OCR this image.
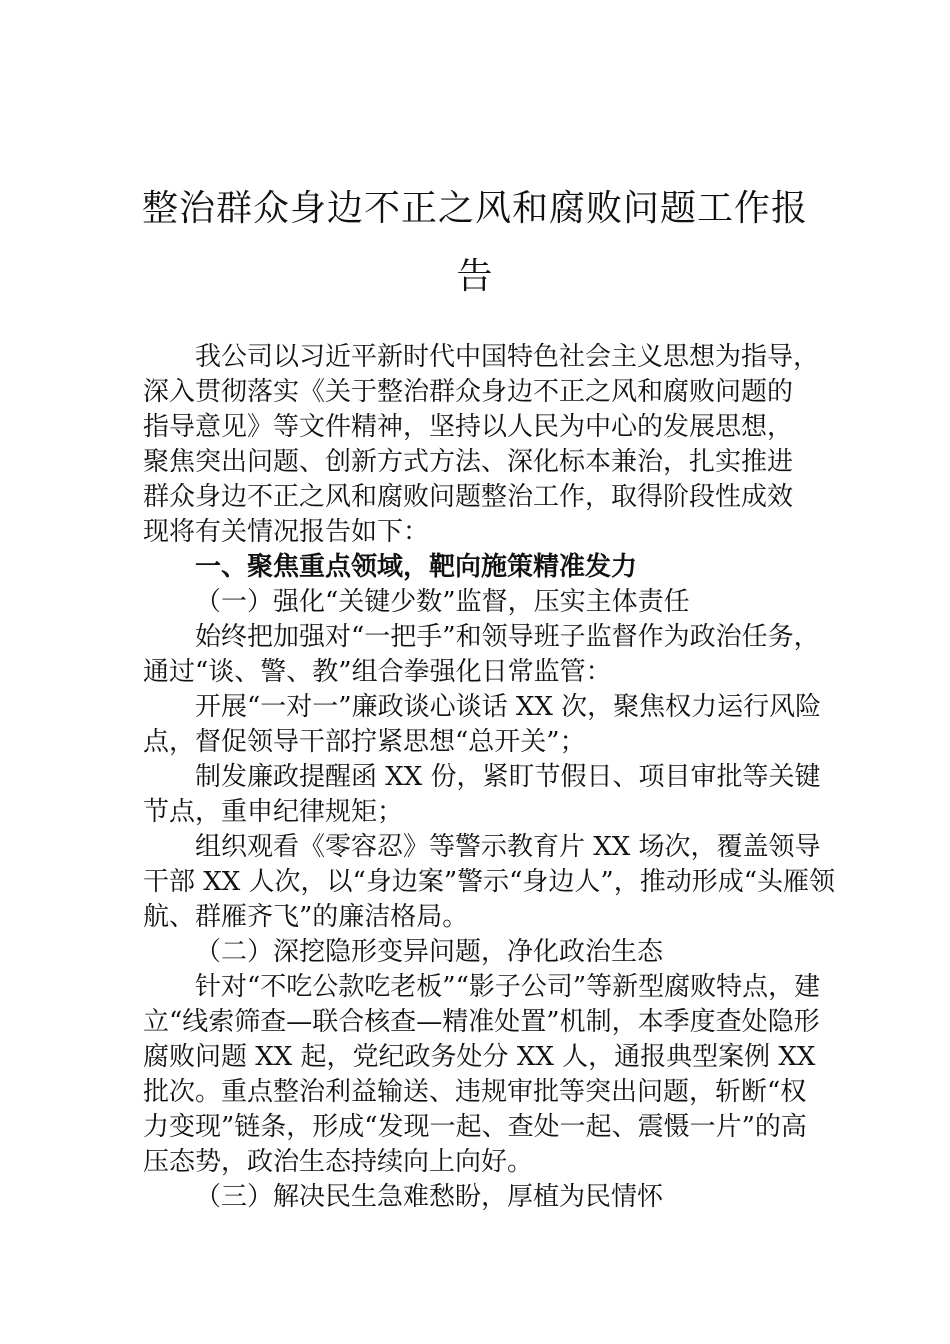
整治群众身边不正之风和腐败问题工作报
告
我公司以习近平新时代中国特色社会主义思想为指导，
深入贯彻落实《关于整治群众身边不正之风和腐败问题的
指导意见》等文件精神，坚持以人民为中心的发展思想，
聚焦突出问题、创新方式方法、深化标本兼治，扎实推进
群众身边不正之风和腐败问题整治工作，取得阶段性成效
现将有关情况报告如下：
一、聚焦重点领域，靶向施策精准发力
（一）强化“关键少数”监督，压实主体责任
始终把加强对“一把手”和领导班子监督作为政治任务，
通过“谈、警、教”组合拳强化日常监管：
开展“一对一”廉政谈心谈话 XX 次，聚焦权力运行风险
点，督促领导干部拧紧思想“总开关”；
制发廉政提醒函 XX 份，紧盯节假日、项目审批等关键
节点，重申纪律规矩；
组织观看《零容忍》等警示教育片 XX 场次，覆盖领导
干部 XX 人次，以“身边案”警示“身边人”，推动形成“头雁领
航、群雁齐飞”的廉洁格局。
（二）深挖隐形变异问题，净化政治生态
针对“不吃公款吃老板”“影子公司”等新型腐败特点，建
立“线索筛查—联合核查—精准处置”机制，本季度查处隐形
腐败问题 XX 起，党纪政务处分 XX 人，通报典型案例 XX
批次。重点整治利益输送、违规审批等突出问题，斩断“权
力变现”链条，形成“发现一起、查处一起、震慑一片”的高
压态势，政治生态持续向上向好。
（三）解决民生急难愁盼，厚植为民情怀
